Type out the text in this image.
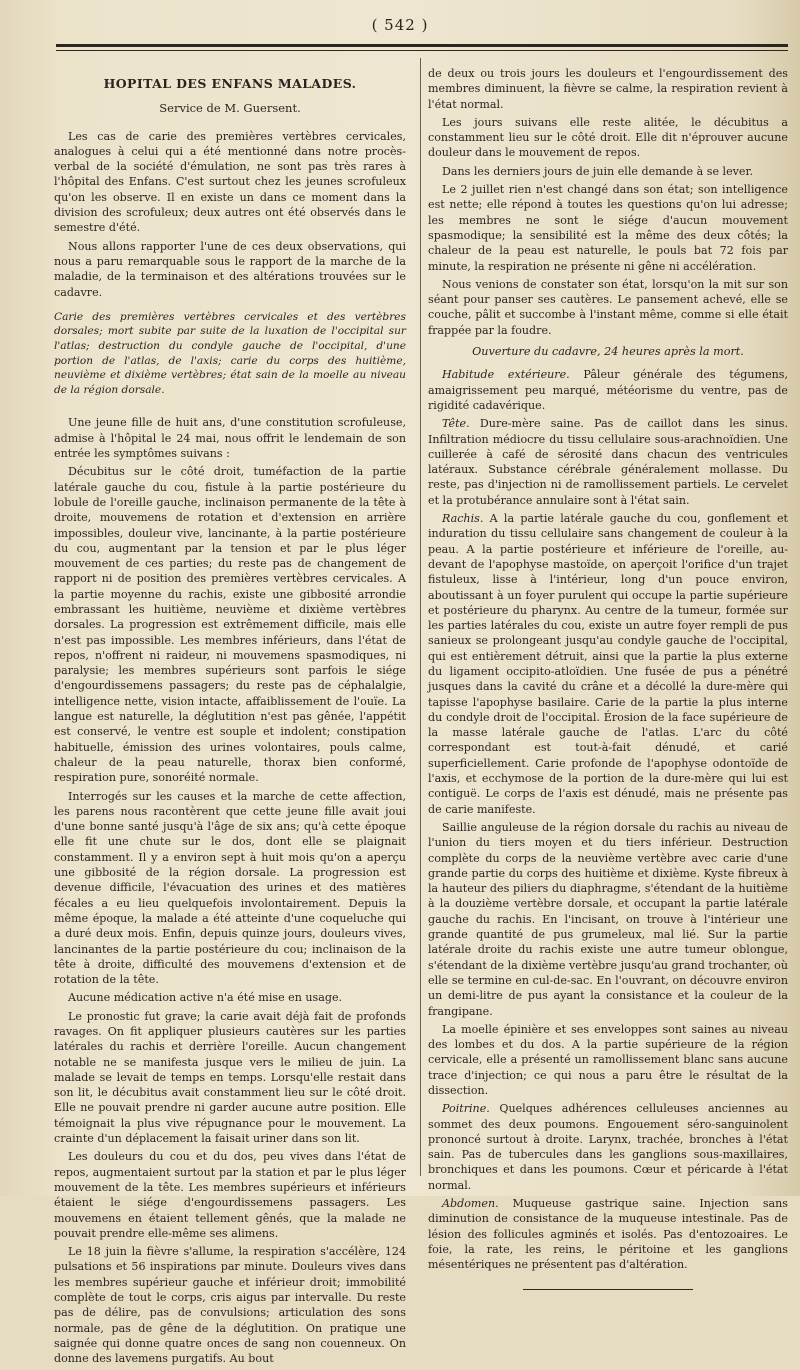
( 542 )
HOPITAL DES ENFANS MALADES.
Service de M. Guersent.

Les cas de carie des premières vertèbres cervicales, analogues à celui qui a été mentionné dans notre procès-verbal de la société d'émulation, ne sont pas très rares à l'hôpital des Enfans. C'est surtout chez les jeunes scrofuleux qu'on les observe. Il en existe un dans ce moment dans la division des scrofuleux; deux autres ont été observés dans le semestre d'été.

Nous allons rapporter l'une de ces deux observations, qui nous a paru remarquable sous le rapport de la marche de la maladie, de la terminaison et des altérations trouvées sur le cadavre.

Carie des premières vertèbres cervicales et des vertèbres dorsales; mort subite par suite de la luxation de l'occipital sur l'atlas; destruction du condyle gauche de l'occipital, d'une portion de l'atlas, de l'axis; carie du corps des huitième, neuvième et dixième vertèbres; état sain de la moelle au niveau de la région dorsale.

Une jeune fille de huit ans, d'une constitution scrofuleuse, admise à l'hôpital le 24 mai, nous offrit le lendemain de son entrée les symptômes suivans :

Décubitus sur le côté droit, tuméfaction de la partie latérale gauche du cou, fistule à la partie postérieure du lobule de l'oreille gauche, inclinaison permanente de la tête à droite, mouvemens de rotation et d'extension en arrière impossibles, douleur vive, lancinante, à la partie postérieure du cou, augmentant par la tension et par le plus léger mouvement de ces parties; du reste pas de changement de rapport ni de position des premières vertèbres cervicales. A la partie moyenne du rachis, existe une gibbosité arrondie embrassant les huitième, neuvième et dixième vertèbres dorsales. La progression est extrêmement difficile, mais elle n'est pas impossible. Les membres inférieurs, dans l'état de repos, n'offrent ni raideur, ni mouvemens spasmodiques, ni paralysie; les membres supérieurs sont parfois le siége d'engourdissemens passagers; du reste pas de céphalalgie, intelligence nette, vision intacte, affaiblissement de l'ouïe. La langue est naturelle, la déglutition n'est pas gênée, l'appétit est conservé, le ventre est souple et indolent; constipation habituelle, émission des urines volontaires, pouls calme, chaleur de la peau naturelle, thorax bien conformé, respiration pure, sonoréité normale.

Interrogés sur les causes et la marche de cette affection, les parens nous racontèrent que cette jeune fille avait joui d'une bonne santé jusqu'à l'âge de six ans; qu'à cette époque elle fit une chute sur le dos, dont elle se plaignait constamment. Il y a environ sept à huit mois qu'on a aperçu une gibbosité de la région dorsale. La progression est devenue difficile, l'évacuation des urines et des matières fécales a eu lieu quelquefois involontairement. Depuis la même époque, la malade a été atteinte d'une coqueluche qui a duré deux mois. Enfin, depuis quinze jours, douleurs vives, lancinantes de la partie postérieure du cou; inclinaison de la tête à droite, difficulté des mouvemens d'extension et de rotation de la tête.

Aucune médication active n'a été mise en usage.

Le pronostic fut grave; la carie avait déjà fait de profonds ravages. On fit appliquer plusieurs cautères sur les parties latérales du rachis et derrière l'oreille. Aucun changement notable ne se manifesta jusque vers le milieu de juin. La malade se levait de temps en temps. Lorsqu'elle restait dans son lit, le décubitus avait constamment lieu sur le côté droit. Elle ne pouvait prendre ni garder aucune autre position. Elle témoignait la plus vive répugnance pour le mouvement. La crainte d'un déplacement la faisait uriner dans son lit.

Les douleurs du cou et du dos, peu vives dans l'état de repos, augmentaient surtout par la station et par le plus léger mouvement de la tête. Les membres supérieurs et inférieurs étaient le siége d'engourdissemens passagers. Les mouvemens en étaient tellement gênés, que la malade ne pouvait prendre elle-même ses alimens.

Le 18 juin la fièvre s'allume, la respiration s'accélère, 124 pulsations et 56 inspirations par minute. Douleurs vives dans les membres supérieur gauche et inférieur droit; immobilité complète de tout le corps, cris aigus par intervalle. Du reste pas de délire, pas de convulsions; articulation des sons normale, pas de gêne de la déglutition. On pratique une saignée qui donne quatre onces de sang non couenneux. On donne des lavemens purgatifs. Au bout

de deux ou trois jours les douleurs et l'engourdissement des membres diminuent, la fièvre se calme, la respiration revient à l'état normal.

Les jours suivans elle reste alitée, le décubitus a constamment lieu sur le côté droit. Elle dit n'éprouver aucune douleur dans le mouvement de repos.

Dans les derniers jours de juin elle demande à se lever.

Le 2 juillet rien n'est changé dans son état; son intelligence est nette; elle répond à toutes les questions qu'on lui adresse; les membres ne sont le siége d'aucun mouvement spasmodique; la sensibilité est la même des deux côtés; la chaleur de la peau est naturelle, le pouls bat 72 fois par minute, la respiration ne présente ni gêne ni accélération.

Nous venions de constater son état, lorsqu'on la mit sur son séant pour panser ses cautères. Le pansement achevé, elle se couche, pâlit et succombe à l'instant même, comme si elle était frappée par la foudre.

Ouverture du cadavre, 24 heures après la mort.

Habitude extérieure. Pâleur générale des tégumens, amaigrissement peu marqué, météorisme du ventre, pas de rigidité cadavérique.

Tête. Dure-mère saine. Pas de caillot dans les sinus. Infiltration médiocre du tissu cellulaire sous-arachnoïdien. Une cuillerée à café de sérosité dans chacun des ventricules latéraux. Substance cérébrale généralement mollasse. Du reste, pas d'injection ni de ramollissement partiels. Le cervelet et la protubérance annulaire sont à l'état sain.

Rachis. A la partie latérale gauche du cou, gonflement et induration du tissu cellulaire sans changement de couleur à la peau. A la partie postérieure et inférieure de l'oreille, au-devant de l'apophyse mastoïde, on aperçoit l'orifice d'un trajet fistuleux, lisse à l'intérieur, long d'un pouce environ, aboutissant à un foyer purulent qui occupe la partie supérieure et postérieure du pharynx. Au centre de la tumeur, formée sur les parties latérales du cou, existe un autre foyer rempli de pus sanieux se prolongeant jusqu'au condyle gauche de l'occipital, qui est entièrement détruit, ainsi que la partie la plus externe du ligament occipito-atloïdien. Une fusée de pus a pénétré jusques dans la cavité du crâne et a décollé la dure-mère qui tapisse l'apophyse basilaire. Carie de la partie la plus interne du condyle droit de l'occipital. Érosion de la face supérieure de la masse latérale gauche de l'atlas. L'arc du côté correspondant est tout-à-fait dénudé, et carié superficiellement. Carie profonde de l'apophyse odontoïde de l'axis, et ecchymose de la portion de la dure-mère qui lui est contiguë. Le corps de l'axis est dénudé, mais ne présente pas de carie manifeste.

Saillie anguleuse de la région dorsale du rachis au niveau de l'union du tiers moyen et du tiers inférieur. Destruction complète du corps de la neuvième vertèbre avec carie d'une grande partie du corps des huitième et dixième. Kyste fibreux à la hauteur des piliers du diaphragme, s'étendant de la huitième à la douzième vertèbre dorsale, et occupant la partie latérale gauche du rachis. En l'incisant, on trouve à l'intérieur une grande quantité de pus grumeleux, mal lié. Sur la partie latérale droite du rachis existe une autre tumeur oblongue, s'étendant de la dixième vertèbre jusqu'au grand trochanter, où elle se termine en cul-de-sac. En l'ouvrant, on découvre environ un demi-litre de pus ayant la consistance et la couleur de la frangipane.

La moelle épinière et ses enveloppes sont saines au niveau des lombes et du dos. A la partie supérieure de la région cervicale, elle a présenté un ramollissement blanc sans aucune trace d'injection; ce qui nous a paru être le résultat de la dissection.

Poitrine. Quelques adhérences celluleuses anciennes au sommet des deux poumons. Engouement séro-sanguinolent prononcé surtout à droite. Larynx, trachée, bronches à l'état sain. Pas de tubercules dans les ganglions sous-maxillaires, bronchiques et dans les poumons. Cœur et péricarde à l'état normal.

Abdomen. Muqueuse gastrique saine. Injection sans diminution de consistance de la muqueuse intestinale. Pas de lésion des follicules agminés et isolés. Pas d'entozoaires. Le foie, la rate, les reins, le péritoine et les ganglions mésentériques ne présentent pas d'altération.
